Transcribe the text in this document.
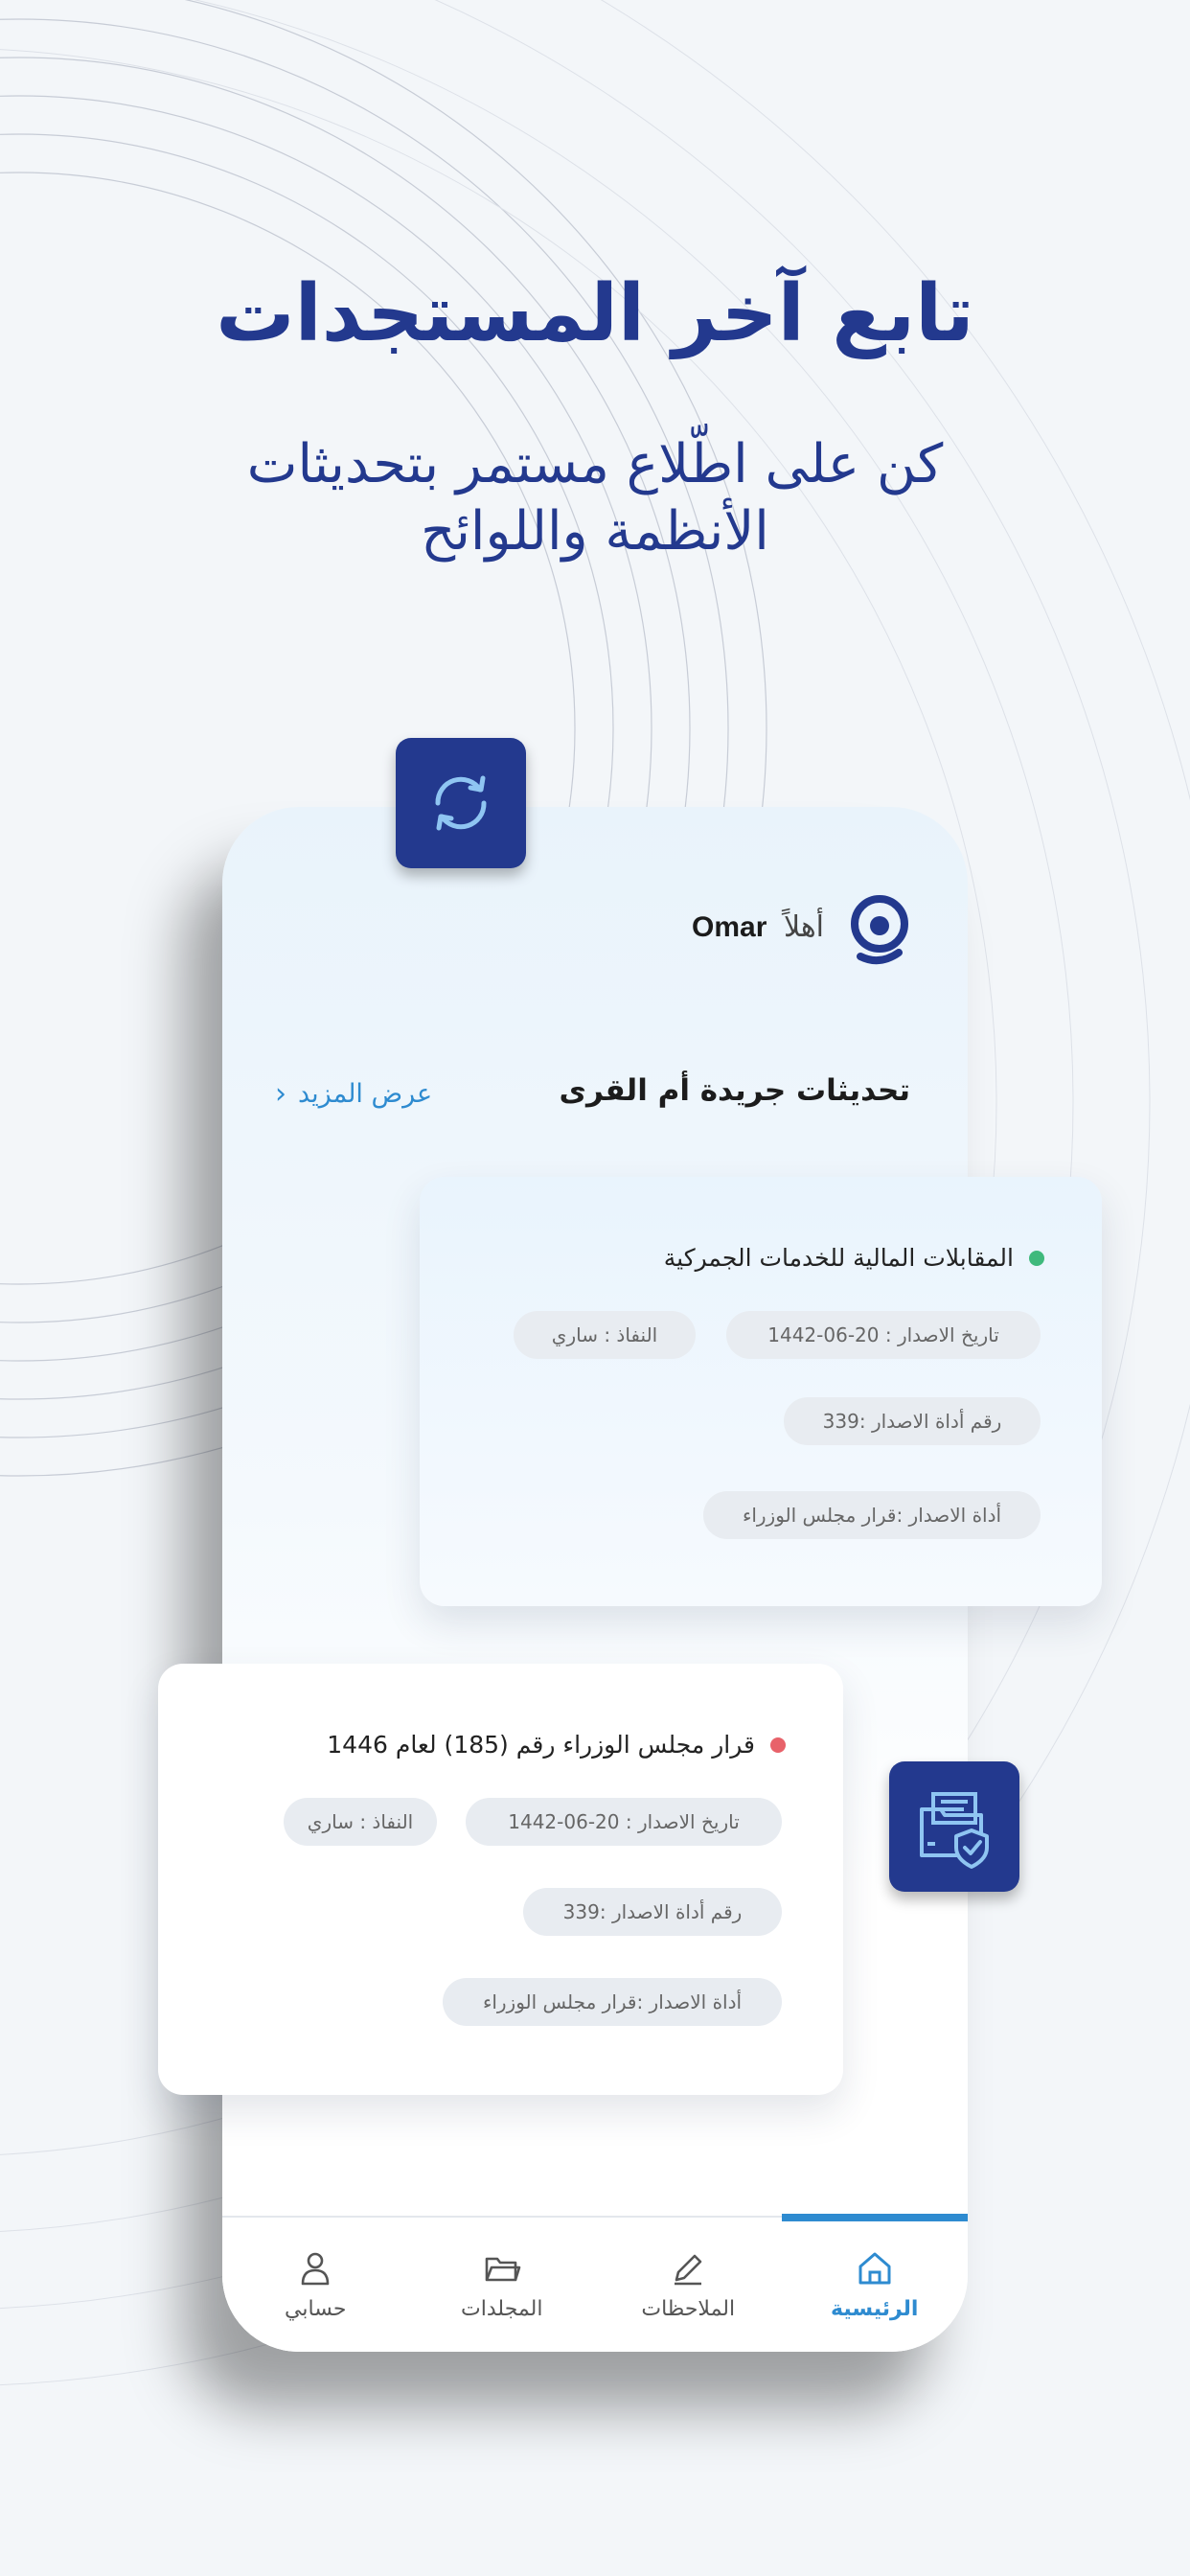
تابع آخر المستجدات
كن على اطّلاع مستمر بتحديثات الأنظمة واللوائح
أهلاً Omar
تحديثات جريدة أم القرى
عرض المزيد
‹
الرئيسية
الملاحظات
المجلدات
حسابي
المقابلات المالية للخدمات الجمركية
تاريخ الاصدار : 20-06-1442
النفاذ : ساري
رقم أداة الاصدار :339
أداة الاصدار :قرار مجلس الوزراء
قرار مجلس الوزراء رقم (185) لعام 1446
تاريخ الاصدار : 20-06-1442
النفاذ : ساري
رقم أداة الاصدار :339
أداة الاصدار :قرار مجلس الوزراء
